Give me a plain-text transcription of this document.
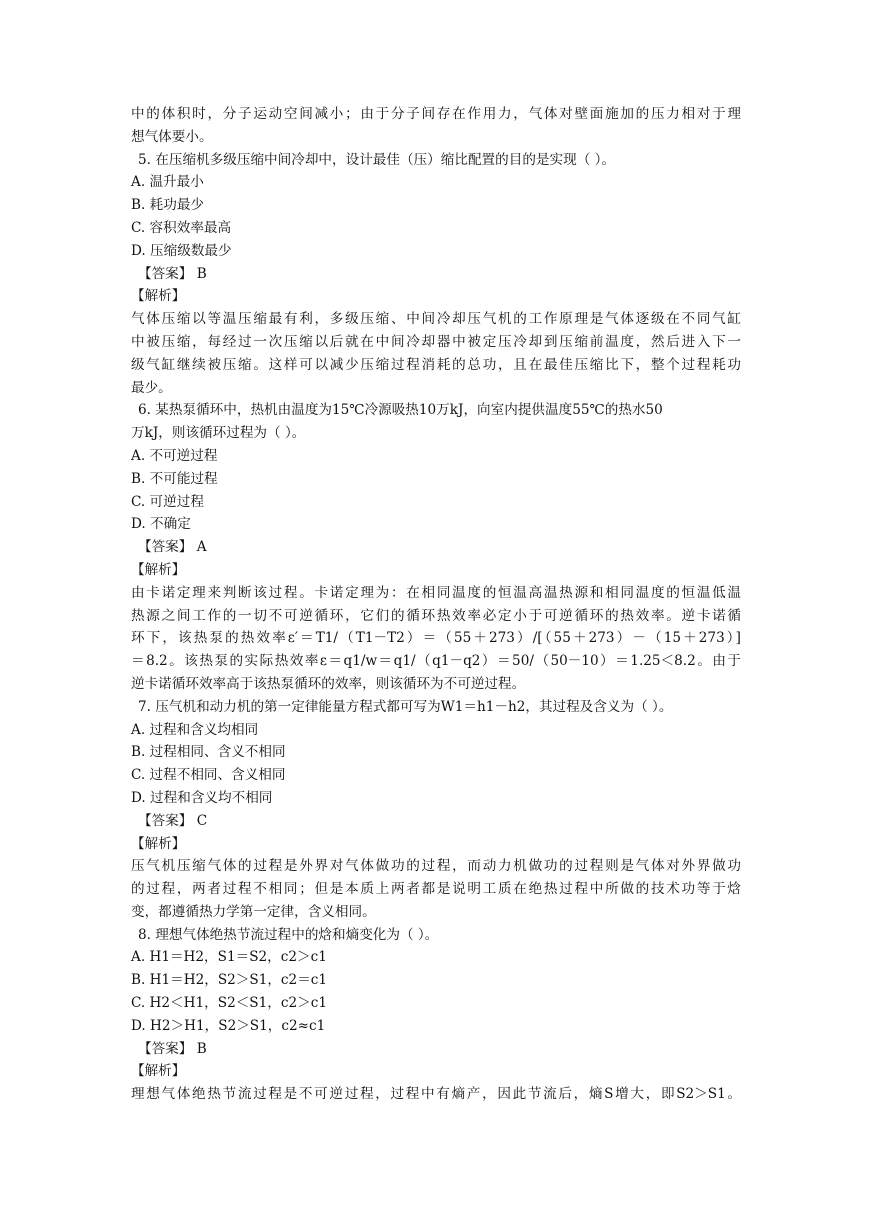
中的体积时，分子运动空间减小；由于分子间存在作用力，气体对壁面施加的压力相对于理
想气体要小。
5. 在压缩机多级压缩中间冷却中，设计最佳（压）缩比配置的目的是实现（ ）。
A. 温升最小
B. 耗功最少
C. 容积效率最高
D. 压缩级数最少
【答案】 B
【解析】
气体压缩以等温压缩最有利，多级压缩、中间冷却压气机的工作原理是气体逐级在不同气缸
中被压缩，每经过一次压缩以后就在中间冷却器中被定压冷却到压缩前温度，然后进入下一
级气缸继续被压缩。这样可以减少压缩过程消耗的总功，且在最佳压缩比下，整个过程耗功
最少。
6. 某热泵循环中，热机由温度为15℃冷源吸热10万kJ，向室内提供温度55℃的热水50
万kJ，则该循环过程为（ ）。
A. 不可逆过程
B. 不可能过程
C. 可逆过程
D. 不确定
【答案】 A
【解析】
由卡诺定理来判断该过程。卡诺定理为：在相同温度的恒温高温热源和相同温度的恒温低温
热源之间工作的一切不可逆循环，它们的循环热效率必定小于可逆循环的热效率。逆卡诺循
环下，该热泵的热效率ε′＝T1/（T1－T2）＝（55＋273）/[（55＋273）－（15＋273）]
＝8.2。该热泵的实际热效率ε＝q1/w＝q1/（q1－q2）＝50/（50－10）＝1.25＜8.2。由于
逆卡诺循环效率高于该热泵循环的效率，则该循环为不可逆过程。
7. 压气机和动力机的第一定律能量方程式都可写为W1＝h1－h2，其过程及含义为（ ）。
A. 过程和含义均相同
B. 过程相同、含义不相同
C. 过程不相同、含义相同
D. 过程和含义均不相同
【答案】 C
【解析】
压气机压缩气体的过程是外界对气体做功的过程，而动力机做功的过程则是气体对外界做功
的过程，两者过程不相同；但是本质上两者都是说明工质在绝热过程中所做的技术功等于焓
变，都遵循热力学第一定律，含义相同。
8. 理想气体绝热节流过程中的焓和熵变化为（ ）。
A. H1＝H2，S1＝S2，c2＞c1
B. H1＝H2，S2＞S1，c2＝c1
C. H2＜H1，S2＜S1，c2＞c1
D. H2＞H1，S2＞S1，c2≈c1
【答案】 B
【解析】
理想气体绝热节流过程是不可逆过程，过程中有熵产，因此节流后，熵S增大，即S2＞S1。
